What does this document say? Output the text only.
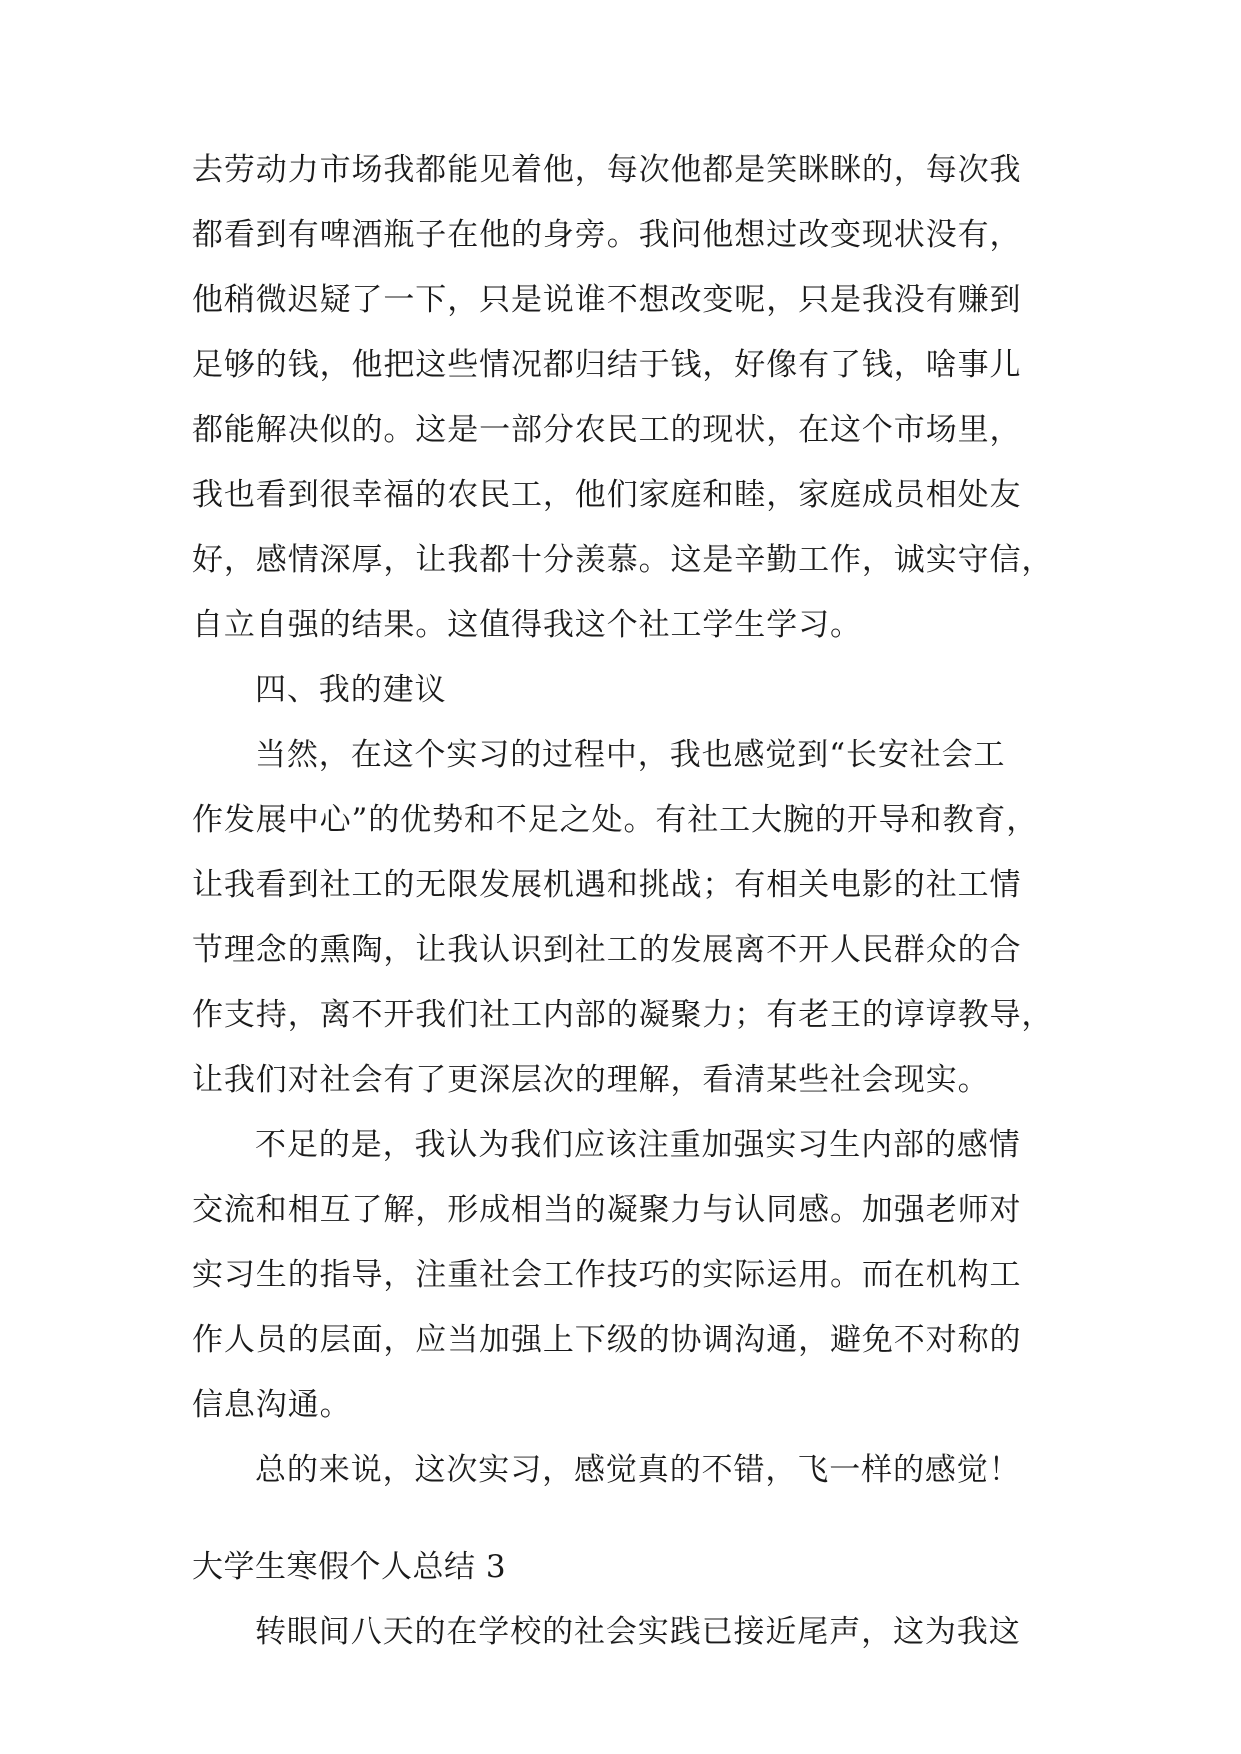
去劳动力市场我都能见着他，每次他都是笑眯眯的，每次我
都看到有啤酒瓶子在他的身旁。我问他想过改变现状没有，
他稍微迟疑了一下，只是说谁不想改变呢，只是我没有赚到
足够的钱，他把这些情况都归结于钱，好像有了钱，啥事儿
都能解决似的。这是一部分农民工的现状，在这个市场里，
我也看到很幸福的农民工，他们家庭和睦，家庭成员相处友
好，感情深厚，让我都十分羡慕。这是辛勤工作，诚实守信，
自立自强的结果。这值得我这个社工学生学习。
四、我的建议
当然，在这个实习的过程中，我也感觉到“长安社会工
作发展中心”的优势和不足之处。有社工大腕的开导和教育，
让我看到社工的无限发展机遇和挑战；有相关电影的社工情
节理念的熏陶，让我认识到社工的发展离不开人民群众的合
作支持，离不开我们社工内部的凝聚力；有老王的谆谆教导，
让我们对社会有了更深层次的理解，看清某些社会现实。
不足的是，我认为我们应该注重加强实习生内部的感情
交流和相互了解，形成相当的凝聚力与认同感。加强老师对
实习生的指导，注重社会工作技巧的实际运用。而在机构工
作人员的层面，应当加强上下级的协调沟通，避免不对称的
信息沟通。
总的来说，这次实习，感觉真的不错，飞一样的感觉！
大学生寒假个人总结 3
转眼间八天的在学校的社会实践已接近尾声，这为我这
